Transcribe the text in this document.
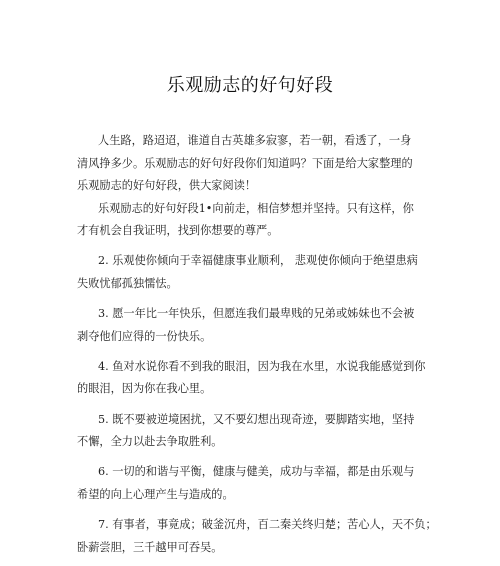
乐观励志的好句好段

人生路，路迢迢，谁道自古英雄多寂寥，若一朝，看透了，一身
清风挣多少。乐观励志的好句好段你们知道吗？下面是给大家整理的
乐观励志的好句好段，供大家阅读！

乐观励志的好句好段1•向前走，相信梦想并坚持。只有这样，你
才有机会自我证明，找到你想要的尊严。

2. 乐观使你倾向于幸福健康事业顺利， 悲观使你倾向于绝望患病
失败忧郁孤独懦怯。

3. 愿一年比一年快乐，但愿连我们最卑贱的兄弟或姊妹也不会被
剥夺他们应得的一份快乐。

4. 鱼对水说你看不到我的眼泪，因为我在水里，水说我能感觉到你
的眼泪，因为你在我心里。

5. 既不要被逆境困扰，又不要幻想出现奇迹，要脚踏实地，坚持
不懈，全力以赴去争取胜利。

6. 一切的和谐与平衡，健康与健美，成功与幸福，都是由乐观与
希望的向上心理产生与造成的。

7. 有事者，事竟成；破釜沉舟，百二秦关终归楚；苦心人，天不负；
卧薪尝胆，三千越甲可吞吴。
